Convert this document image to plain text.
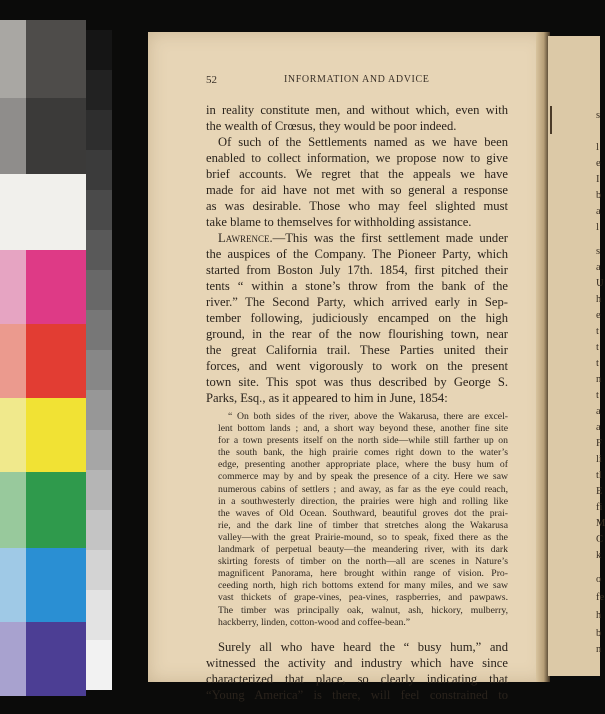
52	INFORMATION AND ADVICE
in reality constitute men, and without which, even with
the wealth of Crœsus, they would be poor indeed.
Of such of the Settlements named as we have been
enabled to collect information, we propose now to give
brief accounts. We regret that the appeals we have
made for aid have not met with so general a response
as was desirable. Those who may feel slighted must
take blame to themselves for withholding assistance.
Lawrence.—This was the first settlement made under
the auspices of the Company. The Pioneer Party, which
started from Boston July 17th. 1854, first pitched their
tents “ within a stone’s throw from the bank of the
river.” The Second Party, which arrived early in Sep-
tember following, judiciously encamped on the high
ground, in the rear of the now flourishing town, near
the great California trail. These Parties united their
forces, and went vigorously to work on the present
town site. This spot was thus described by George S.
Parks, Esq., as it appeared to him in June, 1854:
“ On both sides of the river, above the Wakarusa, there are excel-
lent bottom lands ; and, a short way beyond these, another fine site
for a town presents itself on the north side—while still farther up on
the south bank, the high prairie comes right down to the water’s
edge, presenting another appropriate place, where the busy hum of
commerce may by and by speak the presence of a city. Here we saw
numerous cabins of settlers ; and away, as far as the eye could reach,
in a southwesterly direction, the prairies were high and rolling like
the waves of Old Ocean. Southward, beautiful groves dot the prai-
rie, and the dark line of timber that stretches along the Wakarusa
valley—with the great Prairie-mound, so to speak, fixed there as the
landmark of perpetual beauty—the meandering river, with its dark
skirting forests of timber on the north—all are scenes in Nature’s
magnificent Panorama, here brought within range of vision. Pro-
ceeding north, high rich bottoms extend for many miles, and we saw
vast thickets of grape-vines, pea-vines, raspberries, and pawpaws.
The timber was principally oak, walnut, ash, hickory, mulberry,
hackberry, linden, cotton-wood and coffee-bean.”
Surely all who have heard the “ busy hum,” and
witnessed the activity and industry which have since
characterized that place, so clearly indicating that
“Young America” is there, will feel constrained to
s
l
e
I
b
a
l
s
a
U
h
e
t
t
t
n
t
a
a
F
li
tl
E
fi
M
C
k
o
fe
h
b
n
